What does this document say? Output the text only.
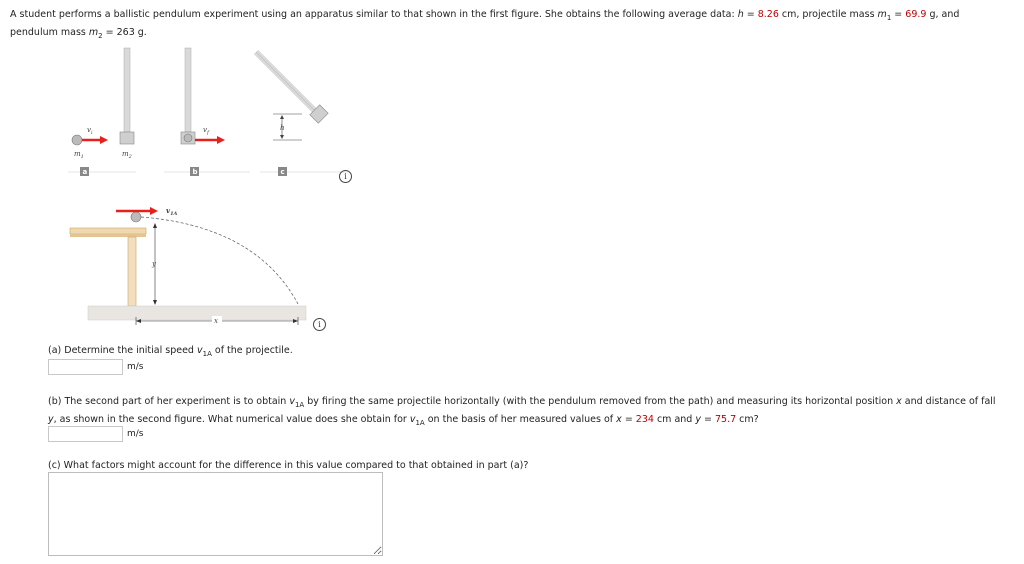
A student performs a ballistic pendulum experiment using an apparatus similar to that shown in the first figure. She obtains the following average data: h = 8.26 cm, projectile mass $m_1 = 69.9$ g, and
pendulum mass $m_2 = 263$ g.
$v_i$
$m_1$	$m_2$
a
$v_f$
b
h
c	i
$v_{1A}$
y
x	i
(a) Determine the initial speed $v_{1A}$ of the projectile.
m/s
(b) The second part of her experiment is to obtain $v_{1A}$ by firing the same projectile horizontally (with the pendulum removed from the path) and measuring its horizontal position x and distance of fall
y, as shown in the second figure. What numerical value does she obtain for $v_{1A}$ on the basis of her measured values of x = 234 cm and y = 75.7 cm?
m/s
(c) What factors might account for the difference in this value compared to that obtained in part (a)?
